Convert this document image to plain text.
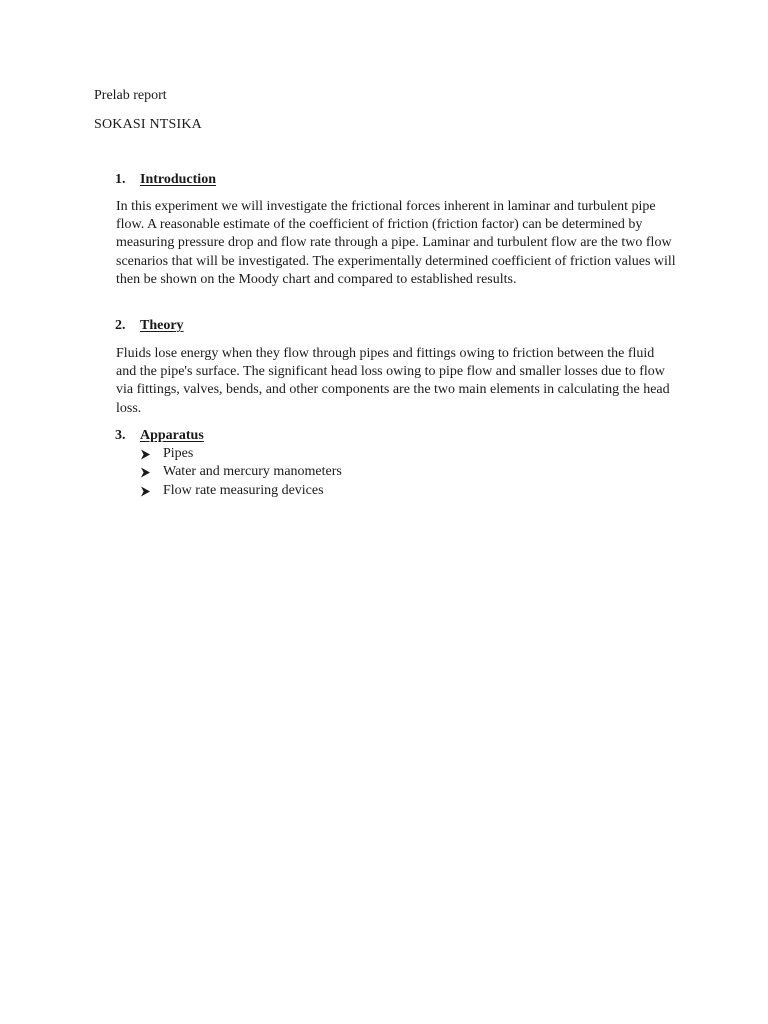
Prelab report
SOKASI NTSIKA
1. Introduction

In this experiment we will investigate the frictional forces inherent in laminar and turbulent pipe flow. A reasonable estimate of the coefficient of friction (friction factor) can be determined by measuring pressure drop and flow rate through a pipe. Laminar and turbulent flow are the two flow scenarios that will be investigated. The experimentally determined coefficient of friction values will then be shown on the Moody chart and compared to established results.

2. Theory

Fluids lose energy when they flow through pipes and fittings owing to friction between the fluid and the pipe's surface. The significant head loss owing to pipe flow and smaller losses due to flow via fittings, valves, bends, and other components are the two main elements in calculating the head loss.

3. Apparatus
Pipes
Water and mercury manometers
Flow rate measuring devices
